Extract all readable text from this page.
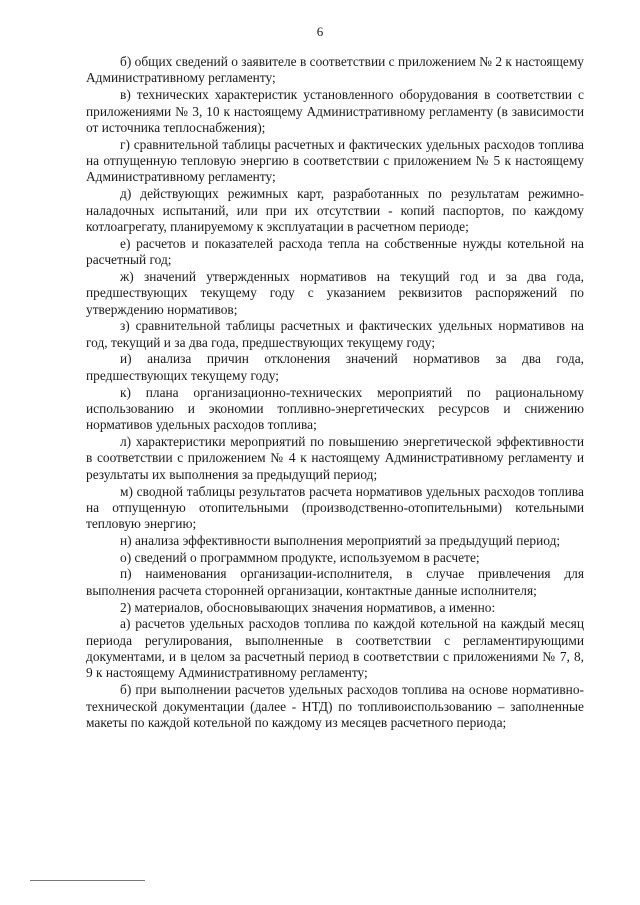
6

б) общих сведений о заявителе в соответствии с приложением № 2 к настоящему Административному регламенту;

в) технических характеристик установленного оборудования в соответствии с приложениями № 3, 10 к настоящему Административному регламенту (в зависимости от источника теплоснабжения);

г) сравнительной таблицы расчетных и фактических удельных расходов топлива на отпущенную тепловую энергию в соответствии с приложением № 5 к настоящему Административному регламенту;

д) действующих режимных карт, разработанных по результатам режимно-наладочных испытаний, или при их отсутствии - копий паспортов, по каждому котлоагрегату, планируемому к эксплуатации в расчетном периоде;

е) расчетов и показателей расхода тепла на собственные нужды котельной на расчетный год;

ж) значений утвержденных нормативов на текущий год и за два года, предшествующих текущему году с указанием реквизитов распоряжений по утверждению нормативов;

з) сравнительной таблицы расчетных и фактических удельных нормативов на год, текущий и за два года, предшествующих текущему году;

и) анализа причин отклонения значений нормативов за два года, предшествующих текущему году;

к) плана организационно-технических мероприятий по рациональному использованию и экономии топливно-энергетических ресурсов и снижению нормативов удельных расходов топлива;

л) характеристики мероприятий по повышению энергетической эффективности в соответствии с приложением № 4 к настоящему Административному регламенту и результаты их выполнения за предыдущий период;

м) сводной таблицы результатов расчета нормативов удельных расходов топлива на отпущенную отопительными (производственно-отопительными) котельными тепловую энергию;

н) анализа эффективности выполнения мероприятий за предыдущий период;

о) сведений о программном продукте, используемом в расчете;

п) наименования организации-исполнителя, в случае привлечения для выполнения расчета сторонней организации, контактные данные исполнителя;

2) материалов, обосновывающих значения нормативов, а именно:

а) расчетов удельных расходов топлива по каждой котельной на каждый месяц периода регулирования, выполненные в соответствии с регламентирующими документами, и в целом за расчетный период в соответствии с приложениями № 7, 8, 9 к настоящему Административному регламенту;

б) при выполнении расчетов удельных расходов топлива на основе нормативно-технической документации (далее - НТД) по топливоиспользованию – заполненные макеты по каждой котельной по каждому из месяцев расчетного периода;
